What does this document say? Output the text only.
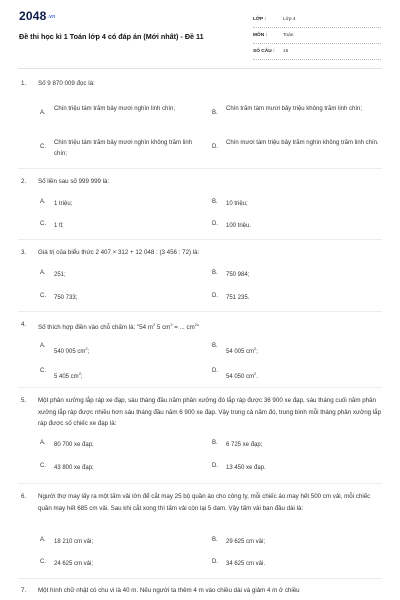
2048.vn
Đề thi học kì 1 Toán lớp 4 có đáp án (Mới nhất) - Đề 11
LỚP :	Lớp 4
MÔN :	Toán
SỐ CÂU : 15
1. Số 9 870 009 đọc là:
A.
Chín triệu tám trăm bảy mươi nghìn linh chín;
B.
Chín trăm tám mươi bảy triệu không trăm linh chín;
C.
Chín triệu tám trăm bảy mươi nghìn không trăm linh chín;
D.
Chín mươi tám triệu bảy trăm nghìn không trăm linh chín.
2. Số liền sau số 999 999 là:
A. 1 triệu;	B. 10 triệu;
C. 1 tỉ;	D. 100 triệu.
3. Giá trị của biểu thức 2 407 × 312 + 12 048 : (3 456 : 72) là:
A. 251;	B. 750 984;
C. 750 733;	D. 751 235.
4. Số thích hợp điền vào chỗ chấm là: "54 $m^2$ 5 $cm^2$ = ... $cm^2$"
A.
540 005 $cm^2$;
B.
54 005 $cm^2$;
C.
5 405 $cm^2$;
D.
54 050 $cm^2$.
5. Một phân xưởng lắp ráp xe đạp, sáu tháng đầu năm phân xưởng đó lắp ráp được 36 900 xe đạp, sáu tháng cuối năm phân xưởng lắp ráp được nhiều hơn sáu tháng đầu năm 6 900 xe đạp. Vậy trong cả năm đó, trung bình mỗi tháng phân xưởng lắp ráp được số chiếc xe đạp là:
A. 80 700 xe đạp;	B. 6 725 xe đạp;
C. 43 800 xe đạp;	D. 13 450 xe đạp.
6. Người thợ may lấy ra một tấm vải lớn để cắt may 25 bộ quần áo cho công ty, mỗi chiếc áo may hết 500 cm vải, mỗi chiếc quần may hết 685 cm vải. Sau khi cắt xong thì tấm vải còn lại 5 dam. Vậy tấm vải ban đầu dài là:
A. 18 210 cm vải;	B. 29 625 cm vải;
C. 24 625 cm vải;	D. 34 625 cm vải.
7. Một hình chữ nhật có chu vi là 40 m. Nếu người ta thêm 4 m vào chiều dài và giảm 4 m ở chiều
